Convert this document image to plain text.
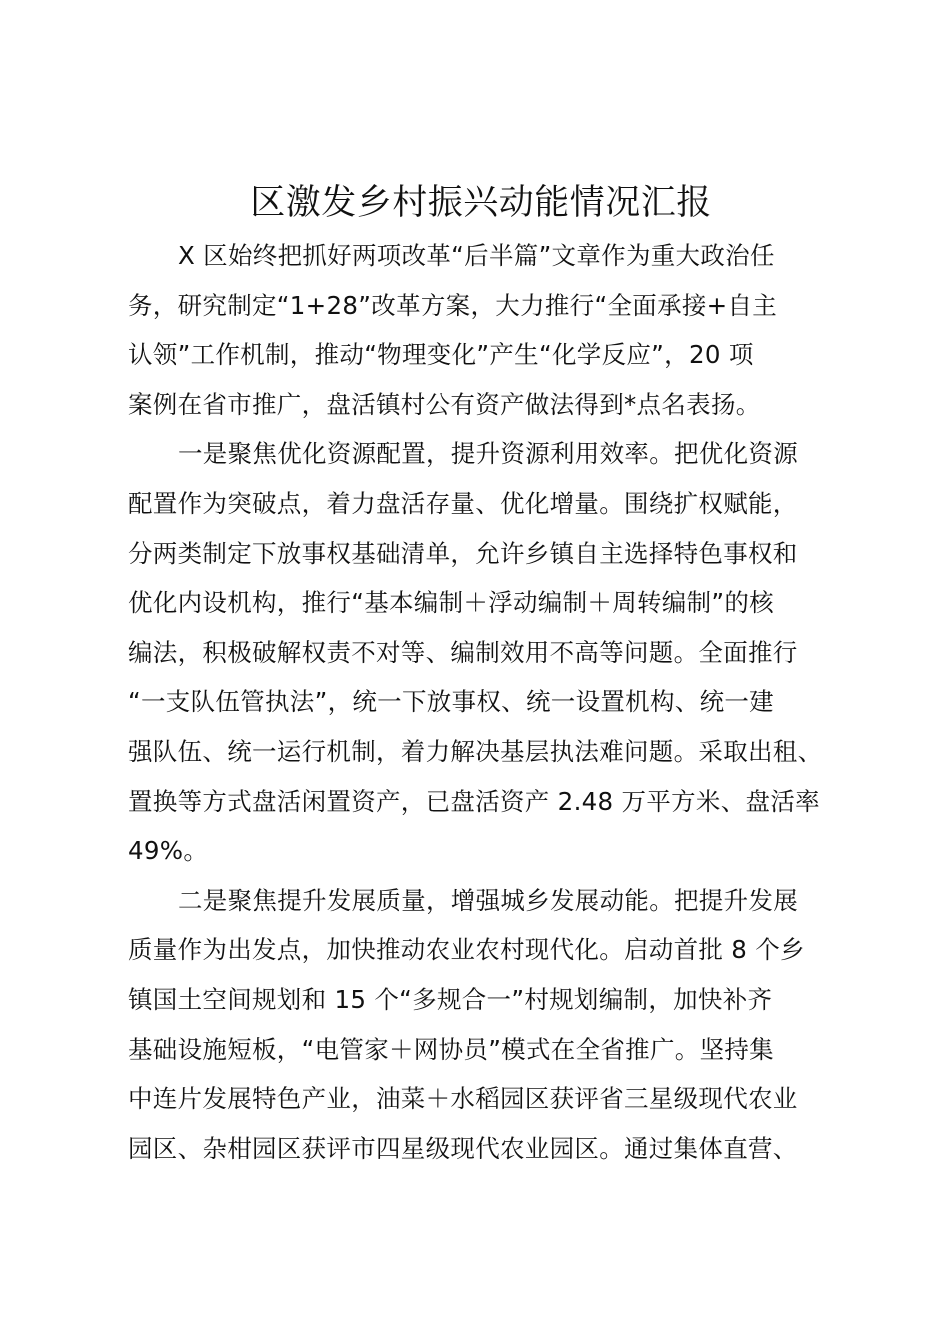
区激发乡村振兴动能情况汇报
X 区始终把抓好两项改革“后半篇”文章作为重大政治任
务，研究制定“1+28”改革方案，大力推行“全面承接+自主
认领”工作机制，推动“物理变化”产生“化学反应”，20 项
案例在省市推广，盘活镇村公有资产做法得到*点名表扬。
一是聚焦优化资源配置，提升资源利用效率。把优化资源
配置作为突破点，着力盘活存量、优化增量。围绕扩权赋能，
分两类制定下放事权基础清单，允许乡镇自主选择特色事权和
优化内设机构，推行“基本编制＋浮动编制＋周转编制”的核
编法，积极破解权责不对等、编制效用不高等问题。全面推行
“一支队伍管执法”，统一下放事权、统一设置机构、统一建
强队伍、统一运行机制，着力解决基层执法难问题。采取出租、
置换等方式盘活闲置资产，已盘活资产 2.48 万平方米、盘活率
49%。
二是聚焦提升发展质量，增强城乡发展动能。把提升发展
质量作为出发点，加快推动农业农村现代化。启动首批 8 个乡
镇国土空间规划和 15 个“多规合一”村规划编制，加快补齐
基础设施短板，“电管家＋网协员”模式在全省推广。坚持集
中连片发展特色产业，油菜＋水稻园区获评省三星级现代农业
园区、杂柑园区获评市四星级现代农业园区。通过集体直营、
